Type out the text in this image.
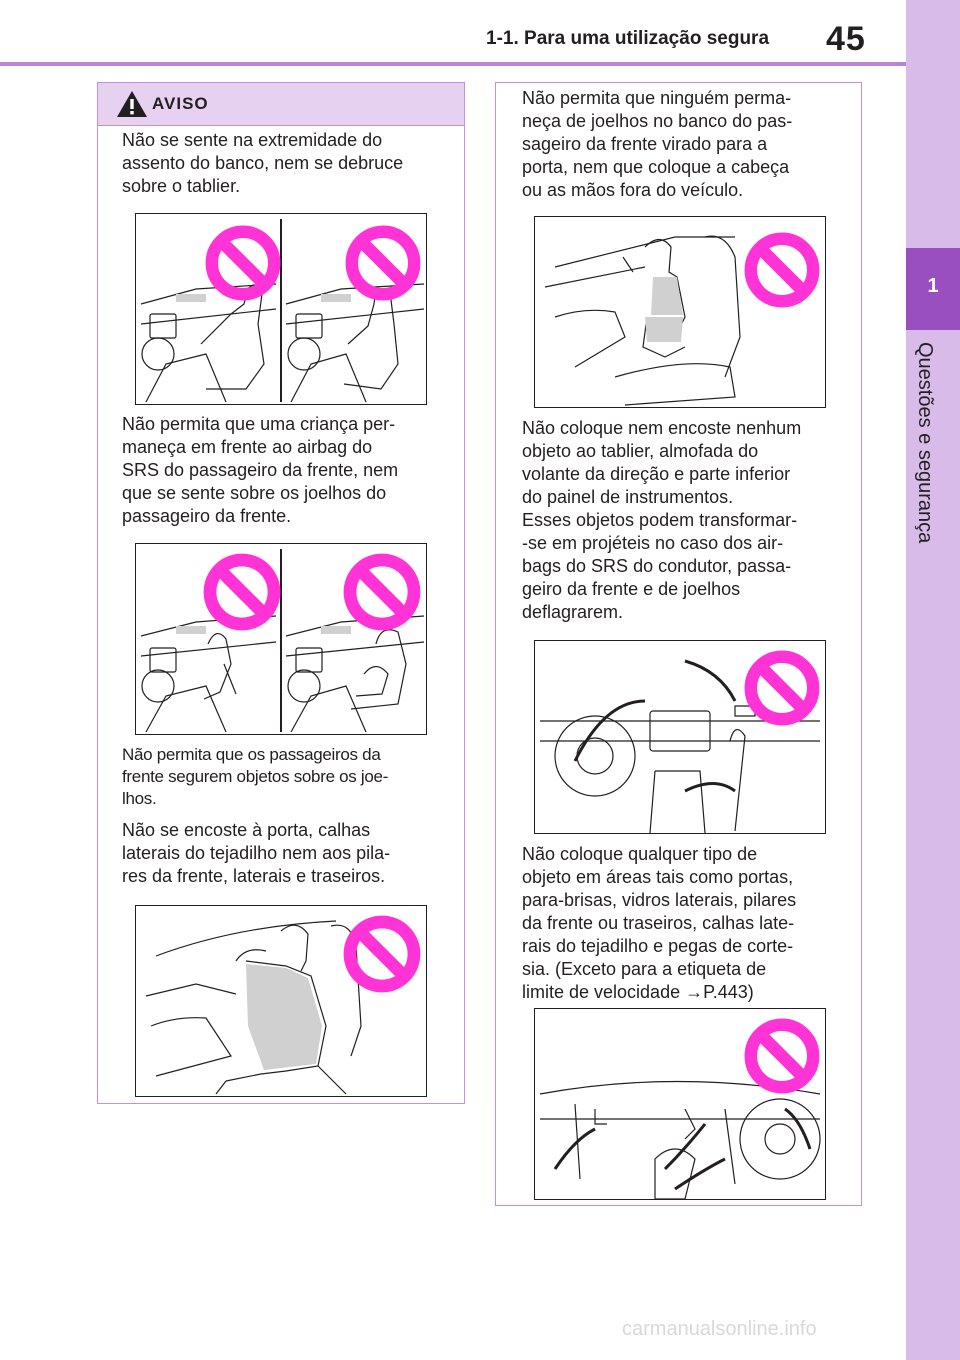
1-1. Para uma utilização segura 45
1
Questões e segurança
AVISO
Não se sente na extremidade do
assento do banco, nem se debruce
sobre o tablier.
Não permita que uma criança per-
maneça em frente ao airbag do
SRS do passageiro da frente, nem
que se sente sobre os joelhos do
passageiro da frente.
Não permita que os passageiros da
frente segurem objetos sobre os joe-
lhos.
Não se encoste à porta, calhas
laterais do tejadilho nem aos pila-
res da frente, laterais e traseiros.
Não permita que ninguém perma-
neça de joelhos no banco do pas-
sageiro da frente virado para a
porta, nem que coloque a cabeça
ou as mãos fora do veículo.
Não coloque nem encoste nenhum
objeto ao tablier, almofada do
volante da direção e parte inferior
do painel de instrumentos.
Esses objetos podem transformar-
-se em projéteis no caso dos air-
bags do SRS do condutor, passa-
geiro da frente e de joelhos
deflagrarem.
Não coloque qualquer tipo de
objeto em áreas tais como portas,
para-brisas, vidros laterais, pilares
da frente ou traseiros, calhas late-
rais do tejadilho e pegas de corte-
sia. (Exceto para a etiqueta de
limite de velocidade →P.443)
carmanualsonline.info
